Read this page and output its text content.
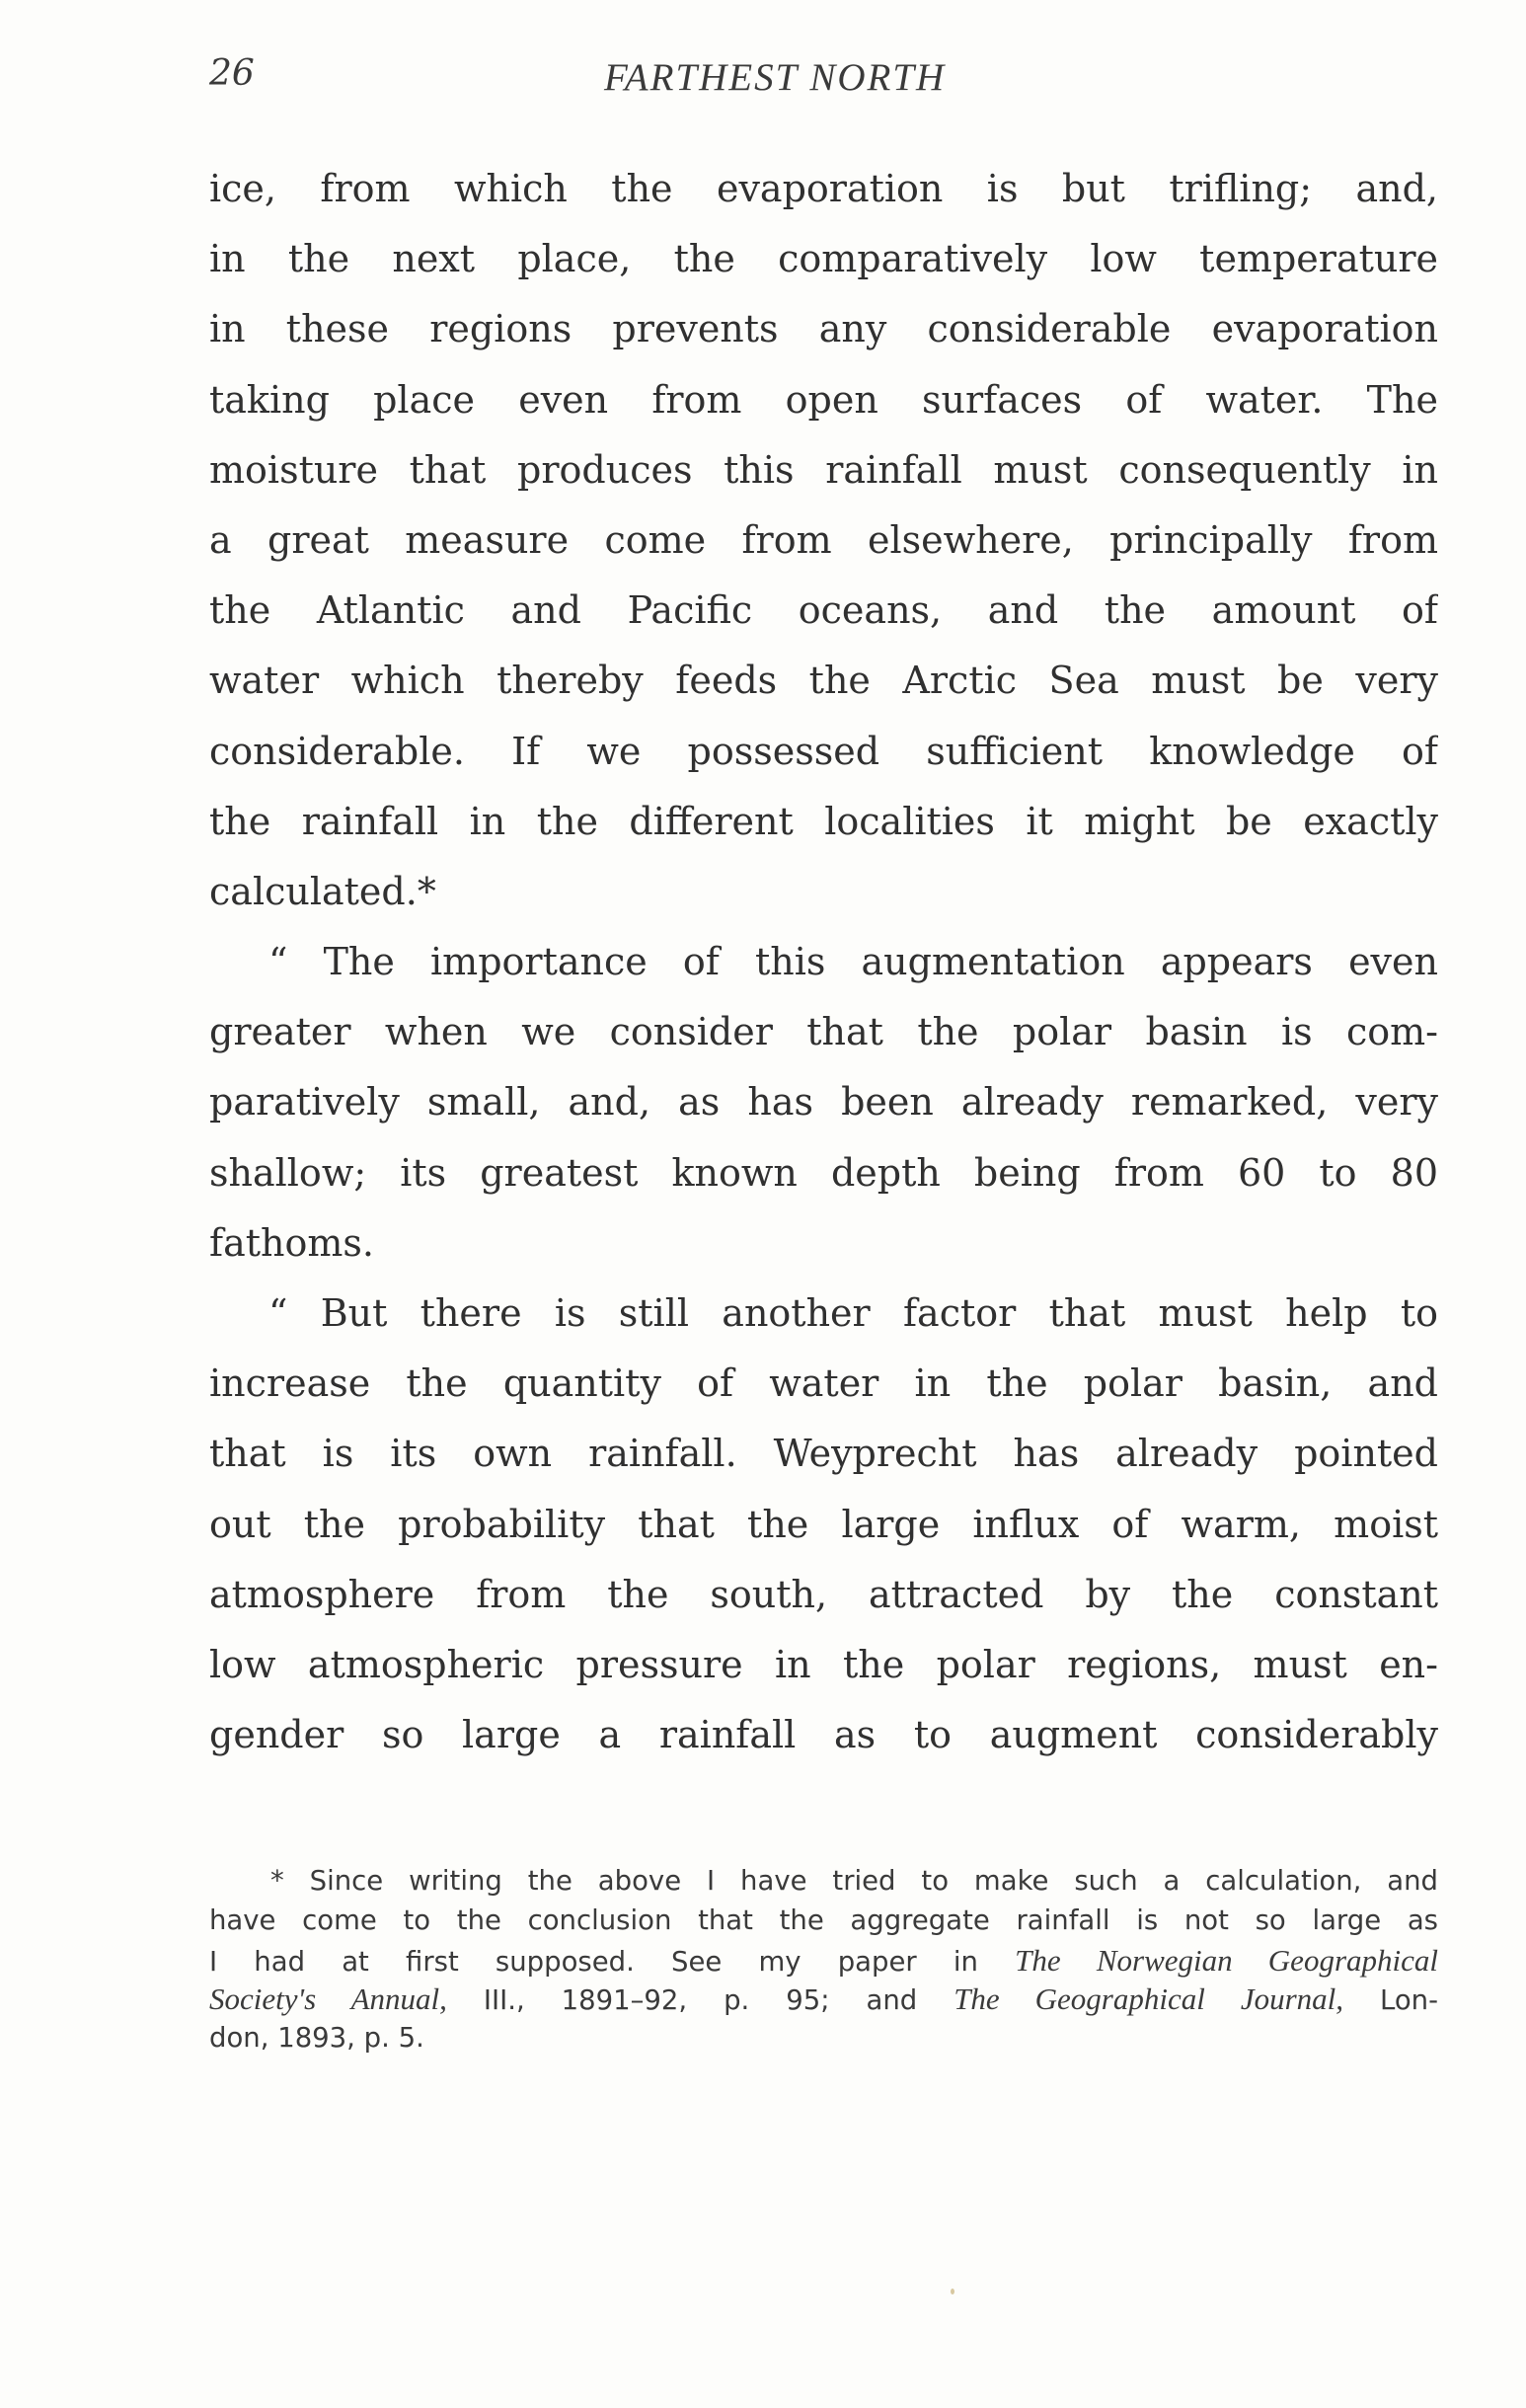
26	FARTHEST NORTH
ice, from which the evaporation is but trifling; and,
in the next place, the comparatively low temperature
in these regions prevents any considerable evaporation
taking place even from open surfaces of water. The
moisture that produces this rainfall must consequently in
a great measure come from elsewhere, principally from
the Atlantic and Pacific oceans, and the amount of
water which thereby feeds the Arctic Sea must be very
considerable. If we possessed sufficient knowledge of
the rainfall in the different localities it might be exactly
calculated.*
“ The importance of this augmentation appears even
greater when we consider that the polar basin is com-
paratively small, and, as has been already remarked, very
shallow; its greatest known depth being from 60 to 80
fathoms.
“ But there is still another factor that must help to
increase the quantity of water in the polar basin, and
that is its own rainfall. Weyprecht has already pointed
out the probability that the large influx of warm, moist
atmosphere from the south, attracted by the constant
low atmospheric pressure in the polar regions, must en-
gender so large a rainfall as to augment considerably
* Since writing the above I have tried to make such a calculation, and
have come to the conclusion that the aggregate rainfall is not so large as
I had at first supposed. See my paper in The Norwegian Geographical
Society's Annual, III., 1891–92, p. 95; and The Geographical Journal, Lon-
don, 1893, p. 5.
